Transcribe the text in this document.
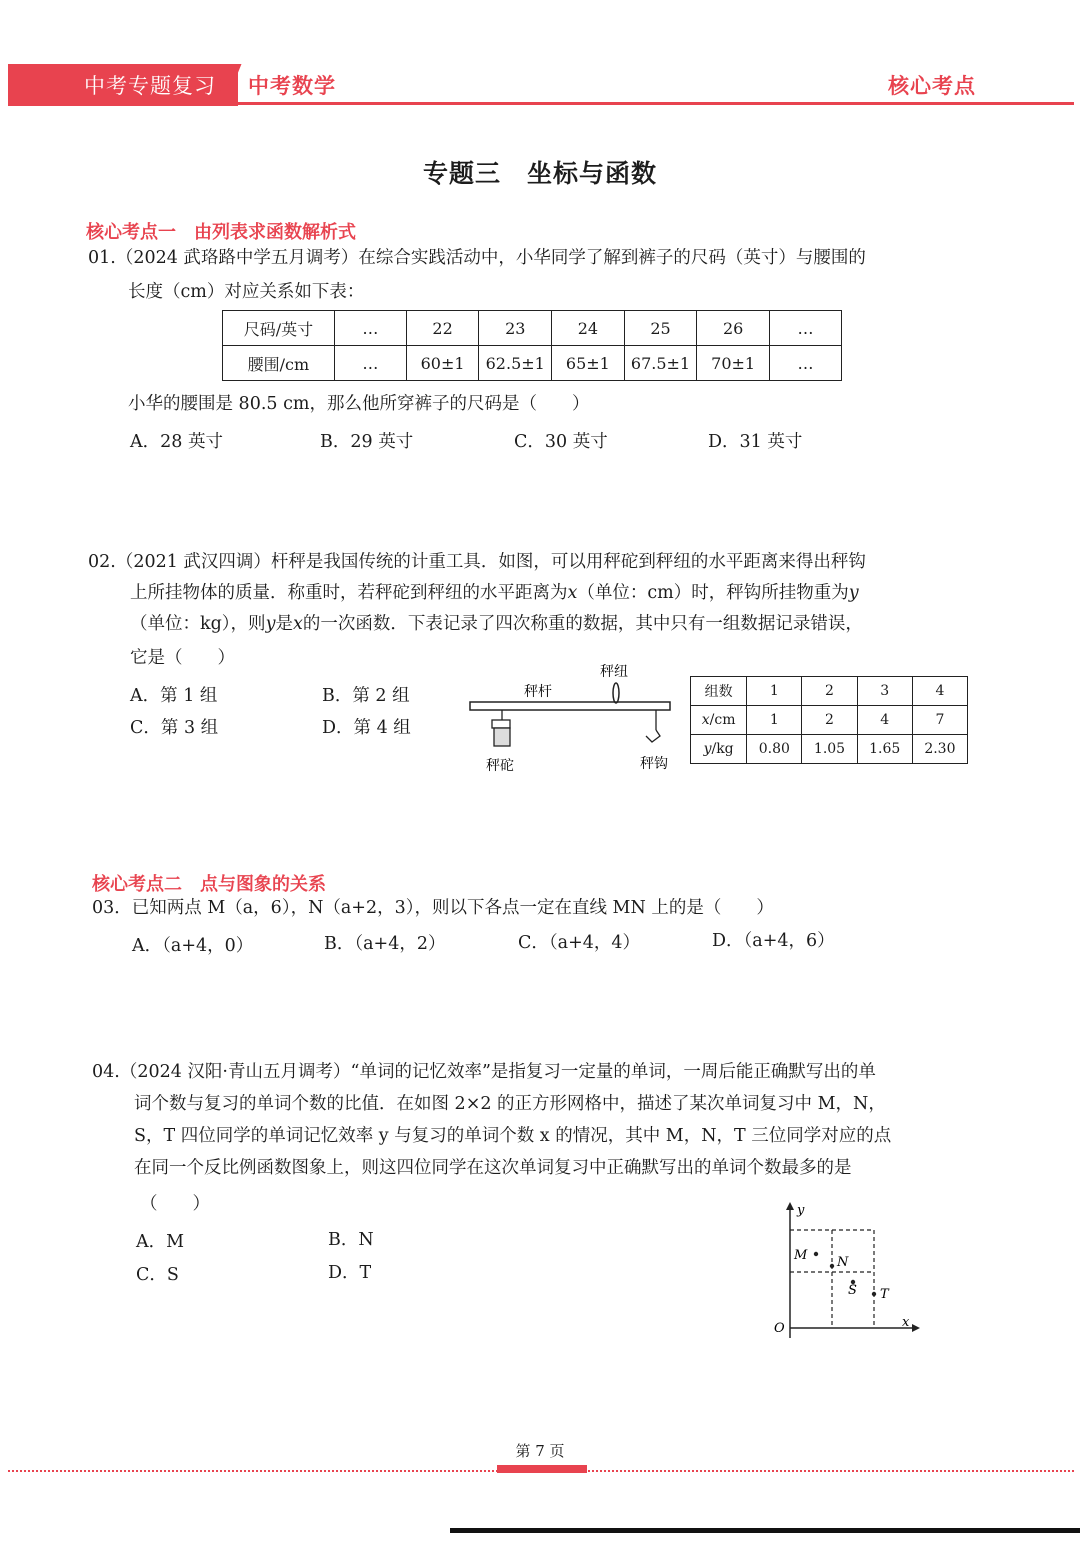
中考专题复习 中考数学	核心考点
专题三　坐标与函数
核心考点一　由列表求函数解析式
01.（2024 武珞路中学五月调考）在综合实践活动中，小华同学了解到裤子的尺码（英寸）与腰围的
长度（cm）对应关系如下表：
尺码/英寸	…	22	23	24	25	26	…
腰围/cm	…	60±1	62.5±1	65±1	67.5±1	70±1	…
小华的腰围是 80.5 cm，那么他所穿裤子的尺码是（　　）
A．28 英寸	B．29 英寸	C．30 英寸	D．31 英寸
02.（2021 武汉四调）杆秤是我国传统的计重工具．如图，可以用秤砣到秤纽的水平距离来得出秤钩
上所挂物体的质量．称重时，若秤砣到秤纽的水平距离为x（单位：cm）时，秤钩所挂物重为y
（单位：kg），则y是x的一次函数．下表记录了四次称重的数据，其中只有一组数据记录错误，
它是（　　）
A．第 1 组	B．第 2 组
C．第 3 组	D．第 4 组
秤纽
秤杆
秤砣	秤钩
组数	1	2	3	4
x/cm	1	2	4	7
y/kg	0.80	1.05	1.65	2.30
核心考点二　点与图象的关系
03．已知两点 M（a，6），N（a+2，3），则以下各点一定在直线 MN 上的是（　　）
A．（a+4，0）	B．（a+4，2）	C．（a+4，4）	D．（a+4，6）
04.（2024 汉阳·青山五月调考）“单词的记忆效率”是指复习一定量的单词，一周后能正确默写出的单
词个数与复习的单词个数的比值．在如图 2×2 的正方形网格中，描述了某次单词复习中 M，N，
S，T 四位同学的单词记忆效率 y 与复习的单词个数 x 的情况，其中 M，N，T 三位同学对应的点
在同一个反比例函数图象上，则这四位同学在这次单词复习中正确默写出的单词个数最多的是
（　　）
A．M	B．N
C．S	D．T
y
x
O
M N
S T
第 7 页
